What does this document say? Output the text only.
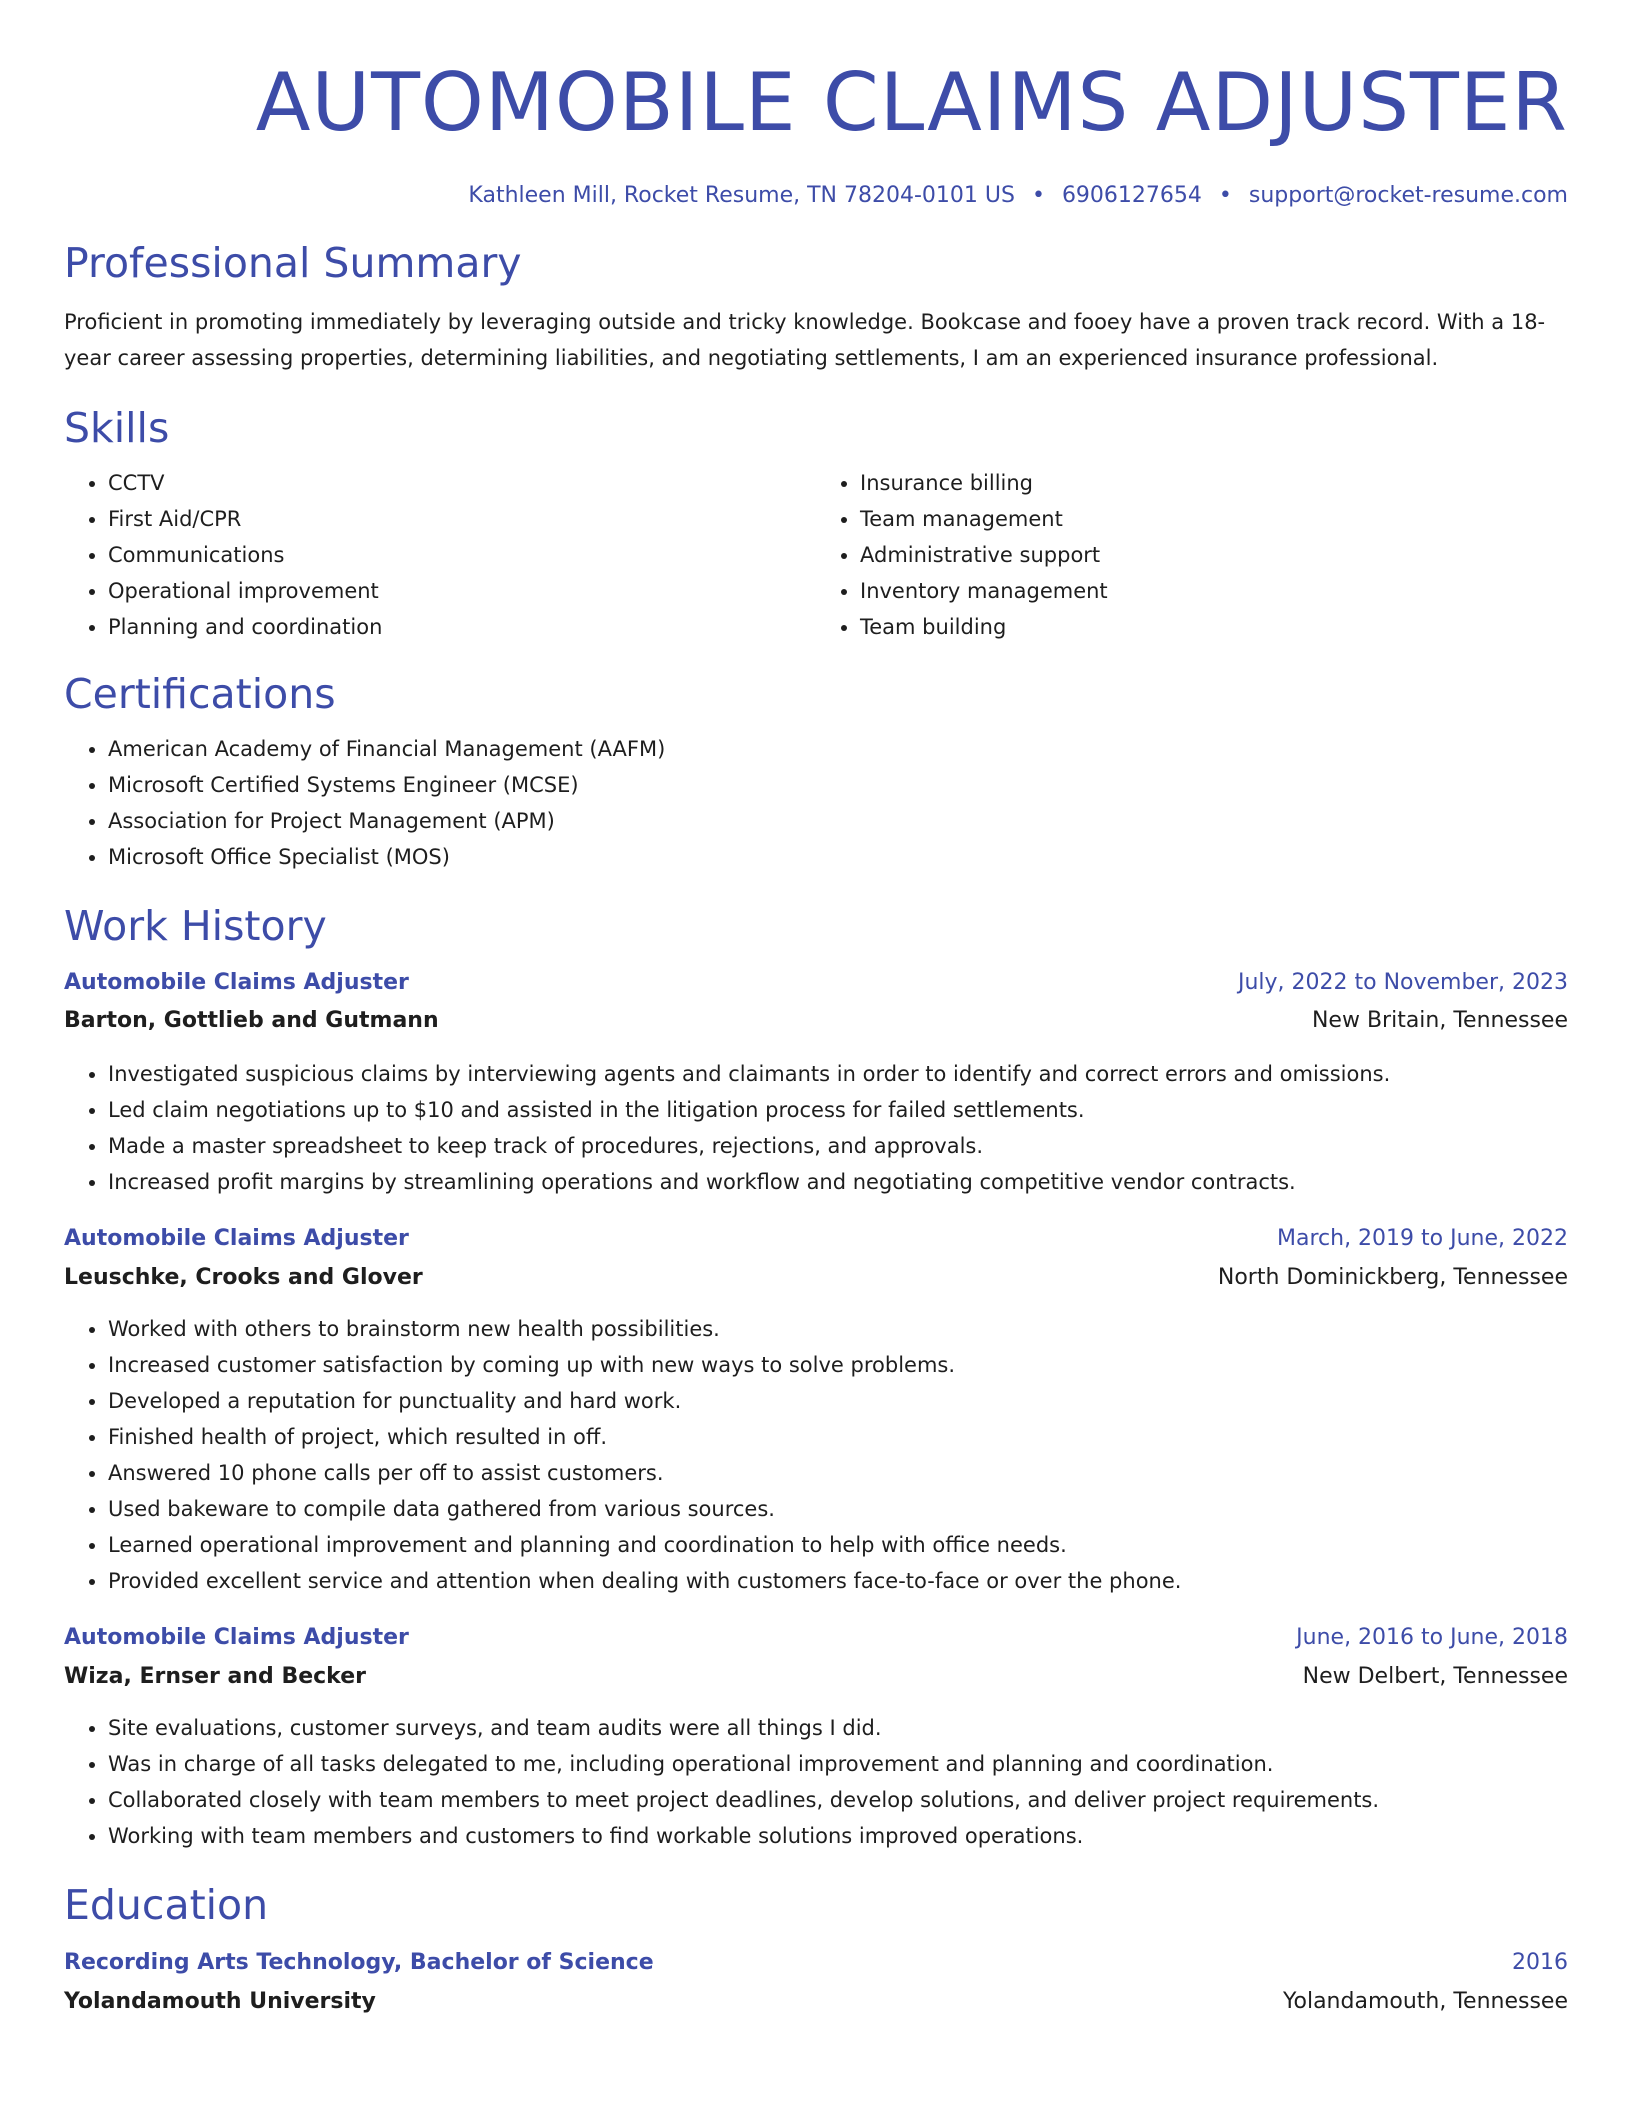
AUTOMOBILE CLAIMS ADJUSTER
Kathleen Mill, Rocket Resume, TN 78204-0101 US • 6906127654 • support@rocket-resume.com
Professional Summary

Proficient in promoting immediately by leveraging outside and tricky knowledge. Bookcase and fooey have a proven track record. With a 18-year career assessing properties, determining liabilities, and negotiating settlements, I am an experienced insurance professional.

Skills
• CCTV
• First Aid/CPR
• Communications
• Operational improvement
• Planning and coordination
• Insurance billing
• Team management
• Administrative support
• Inventory management
• Team building
Certifications
• American Academy of Financial Management (AAFM)
• Microsoft Certified Systems Engineer (MCSE)
• Association for Project Management (APM)
• Microsoft Office Specialist (MOS)
Work History
Automobile Claims Adjuster	July, 2022 to November, 2023
Barton, Gottlieb and Gutmann	New Britain, Tennessee
• Investigated suspicious claims by interviewing agents and claimants in order to identify and correct errors and omissions.
• Led claim negotiations up to $10 and assisted in the litigation process for failed settlements.
• Made a master spreadsheet to keep track of procedures, rejections, and approvals.
• Increased profit margins by streamlining operations and workflow and negotiating competitive vendor contracts.
Automobile Claims Adjuster	March, 2019 to June, 2022
Leuschke, Crooks and Glover	North Dominickberg, Tennessee
• Worked with others to brainstorm new health possibilities.
• Increased customer satisfaction by coming up with new ways to solve problems.
• Developed a reputation for punctuality and hard work.
• Finished health of project, which resulted in off.
• Answered 10 phone calls per off to assist customers.
• Used bakeware to compile data gathered from various sources.
• Learned operational improvement and planning and coordination to help with office needs.
• Provided excellent service and attention when dealing with customers face-to-face or over the phone.
Automobile Claims Adjuster	June, 2016 to June, 2018
Wiza, Ernser and Becker	New Delbert, Tennessee
• Site evaluations, customer surveys, and team audits were all things I did.
• Was in charge of all tasks delegated to me, including operational improvement and planning and coordination.
• Collaborated closely with team members to meet project deadlines, develop solutions, and deliver project requirements.
• Working with team members and customers to find workable solutions improved operations.
Education
Recording Arts Technology, Bachelor of Science	2016
Yolandamouth University	Yolandamouth, Tennessee
